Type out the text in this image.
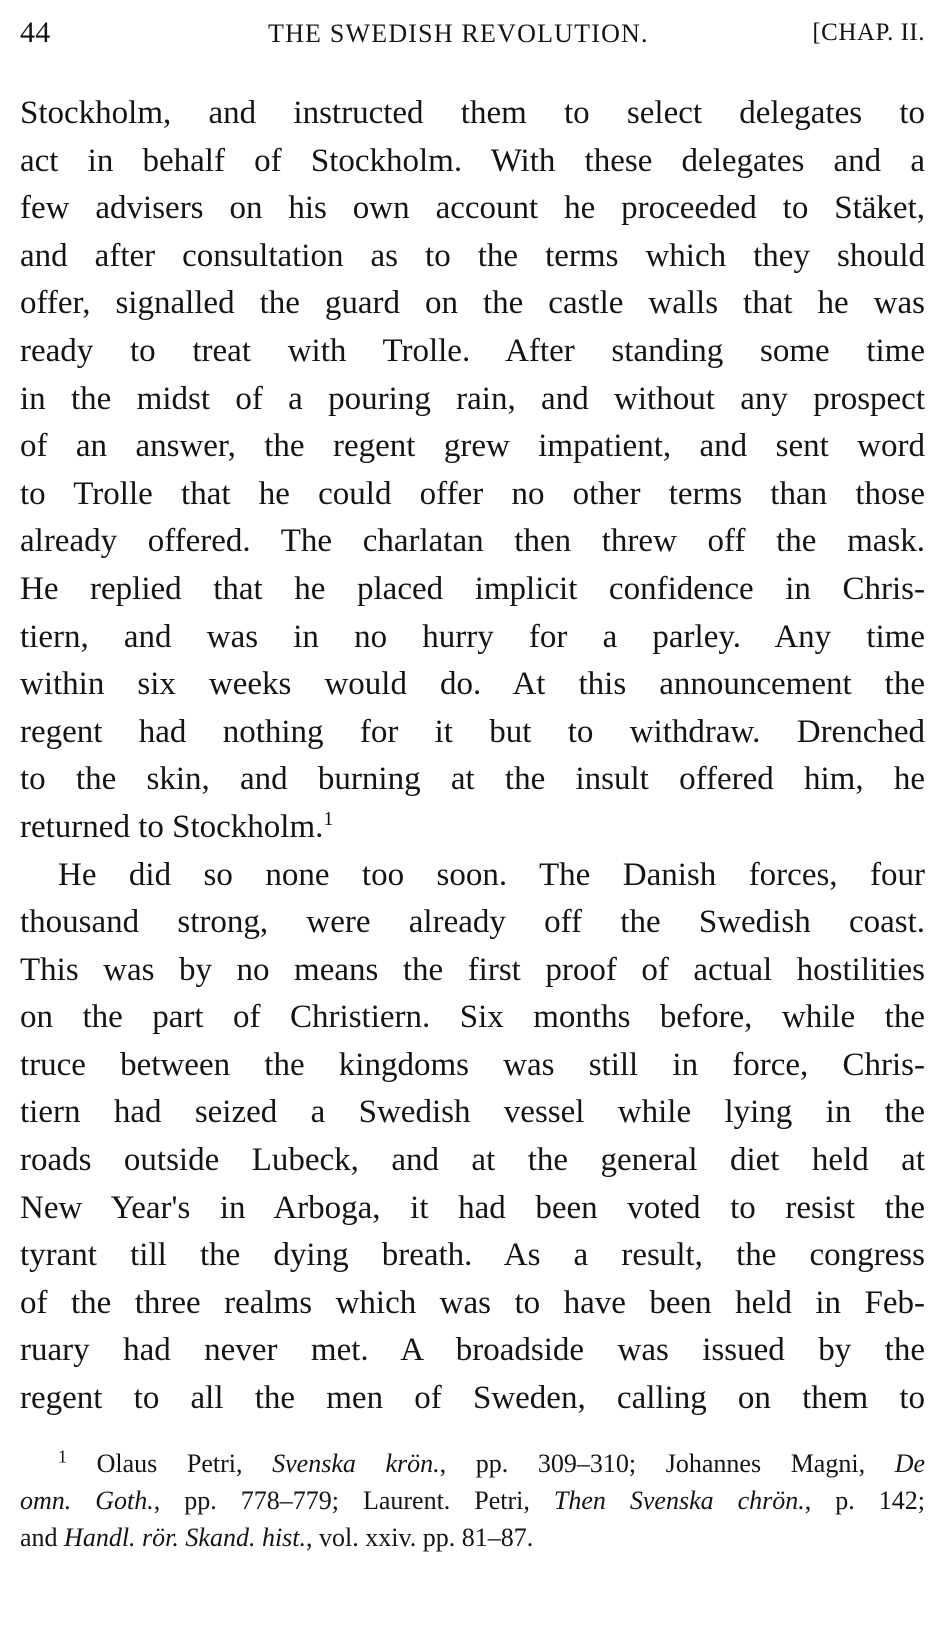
44	THE SWEDISH REVOLUTION.	[CHAP. II.
Stockholm, and instructed them to select delegates to
act in behalf of Stockholm. With these delegates and a
few advisers on his own account he proceeded to Stäket,
and after consultation as to the terms which they should
offer, signalled the guard on the castle walls that he was
ready to treat with Trolle. After standing some time
in the midst of a pouring rain, and without any prospect
of an answer, the regent grew impatient, and sent word
to Trolle that he could offer no other terms than those
already offered. The charlatan then threw off the mask.
He replied that he placed implicit confidence in Chris-
tiern, and was in no hurry for a parley. Any time
within six weeks would do. At this announcement the
regent had nothing for it but to withdraw. Drenched
to the skin, and burning at the insult offered him, he
returned to Stockholm.$^1$
He did so none too soon. The Danish forces, four
thousand strong, were already off the Swedish coast.
This was by no means the first proof of actual hostilities
on the part of Christiern. Six months before, while the
truce between the kingdoms was still in force, Chris-
tiern had seized a Swedish vessel while lying in the
roads outside Lubeck, and at the general diet held at
New Year's in Arboga, it had been voted to resist the
tyrant till the dying breath. As a result, the congress
of the three realms which was to have been held in Feb-
ruary had never met. A broadside was issued by the
regent to all the men of Sweden, calling on them to
$^1$ Olaus Petri, Svenska krön., pp. 309–310; Johannes Magni, De
omn. Goth., pp. 778–779; Laurent. Petri, Then Svenska chrön., p. 142;
and Handl. rör. Skand. hist., vol. xxiv. pp. 81–87.
